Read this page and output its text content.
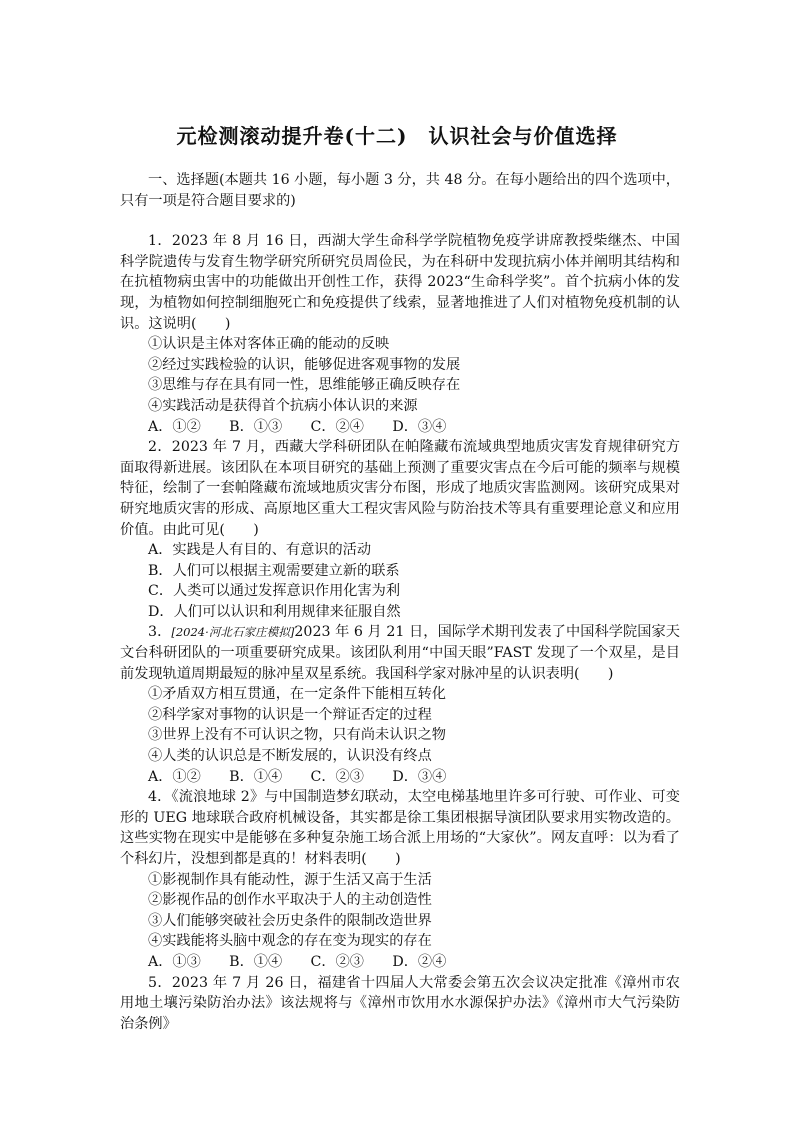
元检测滚动提升卷(十二)　认识社会与价值选择

一、选择题(本题共 16 小题，每小题 3 分，共 48 分。在每小题给出的四个选项中，只有一项是符合题目要求的)

1．2023 年 8 月 16 日，西湖大学生命科学学院植物免疫学讲席教授柴继杰、中国科学院遗传与发育生物学研究所研究员周俭民，为在科研中发现抗病小体并阐明其结构和在抗植物病虫害中的功能做出开创性工作，获得 2023“生命科学奖”。首个抗病小体的发现，为植物如何控制细胞死亡和免疫提供了线索，显著地推进了人们对植物免疫机制的认识。这说明(　　)

①认识是主体对客体正确的能动的反映

②经过实践检验的认识，能够促进客观事物的发展

③思维与存在具有同一性，思维能够正确反映存在

④实践活动是获得首个抗病小体认识的来源

A．①②　　B．①③　　C．②④　　D．③④

2．2023 年 7 月，西藏大学科研团队在帕隆藏布流域典型地质灾害发育规律研究方面取得新进展。该团队在本项目研究的基础上预测了重要灾害点在今后可能的频率与规模特征，绘制了一套帕隆藏布流域地质灾害分布图，形成了地质灾害监测网。该研究成果对研究地质灾害的形成、高原地区重大工程灾害风险与防治技术等具有重要理论意义和应用价值。由此可见(　　)

A．实践是人有目的、有意识的活动

B．人们可以根据主观需要建立新的联系

C．人类可以通过发挥意识作用化害为利

D．人们可以认识和利用规律来征服自然

3．[2024·河北石家庄模拟]2023 年 6 月 21 日，国际学术期刊发表了中国科学院国家天文台科研团队的一项重要研究成果。该团队利用“中国天眼”FAST 发现了一个双星，是目前发现轨道周期最短的脉冲星双星系统。我国科学家对脉冲星的认识表明(　　)

①矛盾双方相互贯通，在一定条件下能相互转化

②科学家对事物的认识是一个辩证否定的过程

③世界上没有不可认识之物，只有尚未认识之物

④人类的认识总是不断发展的，认识没有终点

A．①②　　B．①④　　C．②③　　D．③④

4．《流浪地球 2》与中国制造梦幻联动，太空电梯基地里许多可行驶、可作业、可变形的 UEG 地球联合政府机械设备，其实都是徐工集团根据导演团队要求用实物改造的。这些实物在现实中是能够在多种复杂施工场合派上用场的“大家伙”。网友直呼：以为看了个科幻片，没想到都是真的！材料表明(　　)

①影视制作具有能动性，源于生活又高于生活

②影视作品的创作水平取决于人的主动创造性

③人们能够突破社会历史条件的限制改造世界

④实践能将头脑中观念的存在变为现实的存在

A．①③　　B．①④　　C．②③　　D．②④

5．2023 年 7 月 26 日，福建省十四届人大常委会第五次会议决定批准《漳州市农用地土壤污染防治办法》该法规将与《漳州市饮用水水源保护办法》《漳州市大气污染防治条例》
